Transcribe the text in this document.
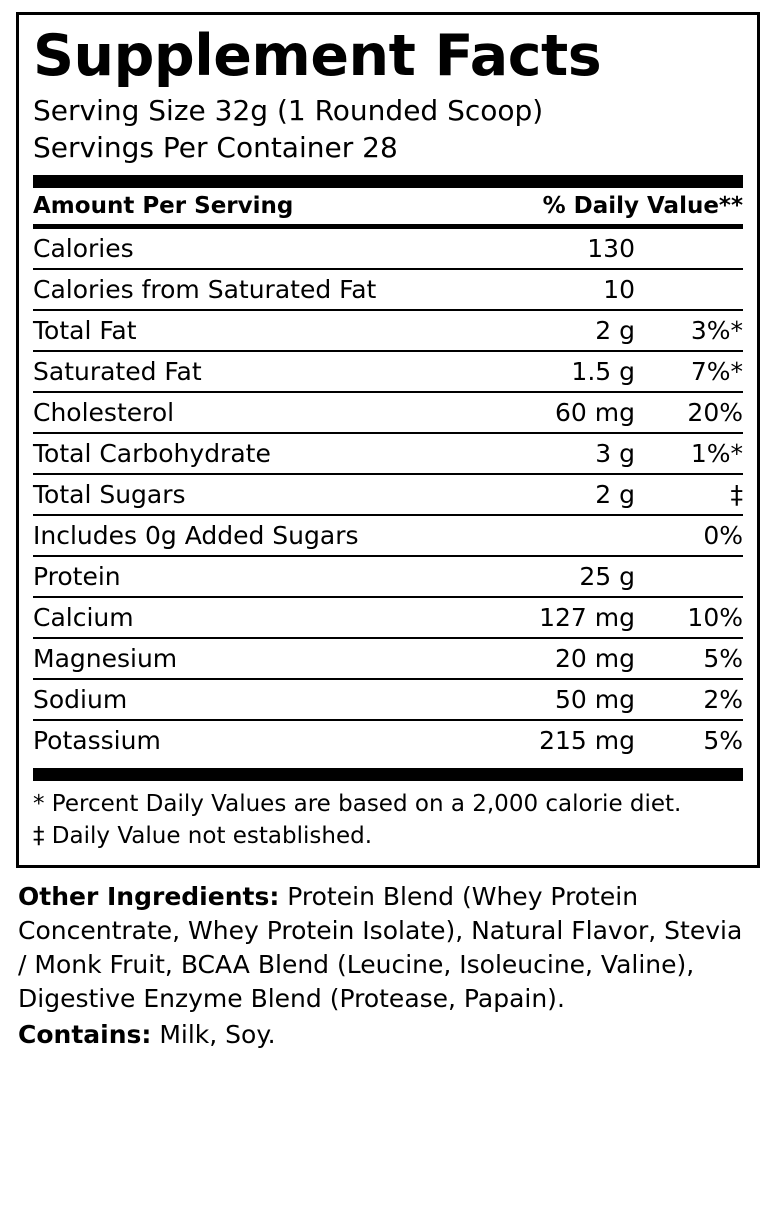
Supplement Facts
Serving Size 32g (1 Rounded Scoop)
Servings Per Container 28
Amount Per Serving	% Daily Value**
Calories	130	
Calories from Saturated Fat	10	
Total Fat	2 g	3%*
Saturated Fat	1.5 g	7%*
Cholesterol	60 mg	20%
Total Carbohydrate	3 g	1%*
Total Sugars	2 g	‡
Includes 0g Added Sugars		0%
Protein	25 g	
Calcium	127 mg	10%
Magnesium	20 mg	5%
Sodium	50 mg	2%
Potassium	215 mg	5%
* Percent Daily Values are based on a 2,000 calorie diet.
‡ Daily Value not established.
Other Ingredients: Protein Blend (Whey Protein Concentrate, Whey Protein Isolate), Natural Flavor, Stevia / Monk Fruit, BCAA Blend (Leucine, Isoleucine, Valine), Digestive Enzyme Blend (Protease, Papain).
Contains: Milk, Soy.
